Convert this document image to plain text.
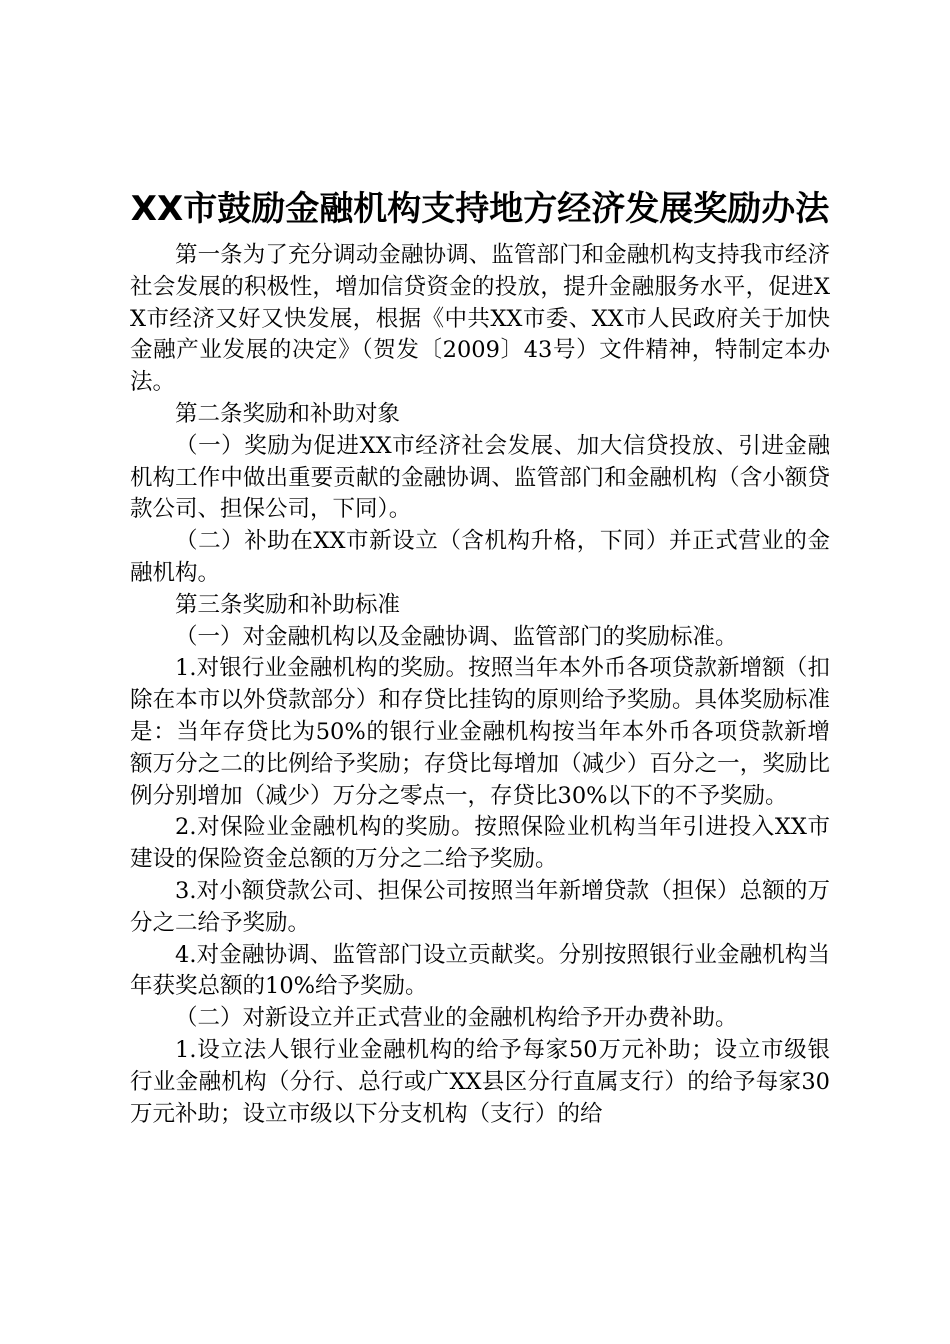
XX市鼓励金融机构支持地方经济发展奖励办法

第一条为了充分调动金融协调、监管部门和金融机构支持我市经济社会发展的积极性，增加信贷资金的投放，提升金融服务水平，促进XX市经济又好又快发展，根据《中共XX市委、XX市人民政府关于加快金融产业发展的决定》（贺发〔2009〕43号）文件精神，特制定本办法。

第二条奖励和补助对象

（一）奖励为促进XX市经济社会发展、加大信贷投放、引进金融机构工作中做出重要贡献的金融协调、监管部门和金融机构（含小额贷款公司、担保公司，下同）。

（二）补助在XX市新设立（含机构升格，下同）并正式营业的金融机构。

第三条奖励和补助标准

（一）对金融机构以及金融协调、监管部门的奖励标准。

1.对银行业金融机构的奖励。按照当年本外币各项贷款新增额（扣除在本市以外贷款部分）和存贷比挂钩的原则给予奖励。具体奖励标准是：当年存贷比为50%的银行业金融机构按当年本外币各项贷款新增额万分之二的比例给予奖励；存贷比每增加（减少）百分之一，奖励比例分别增加（减少）万分之零点一，存贷比30%以下的不予奖励。

2.对保险业金融机构的奖励。按照保险业机构当年引进投入XX市建设的保险资金总额的万分之二给予奖励。

3.对小额贷款公司、担保公司按照当年新增贷款（担保）总额的万分之二给予奖励。

4.对金融协调、监管部门设立贡献奖。分别按照银行业金融机构当年获奖总额的10%给予奖励。

（二）对新设立并正式营业的金融机构给予开办费补助。

1.设立法人银行业金融机构的给予每家50万元补助；设立市级银行业金融机构（分行、总行或广XX县区分行直属支行）的给予每家30万元补助；设立市级以下分支机构（支行）的给
